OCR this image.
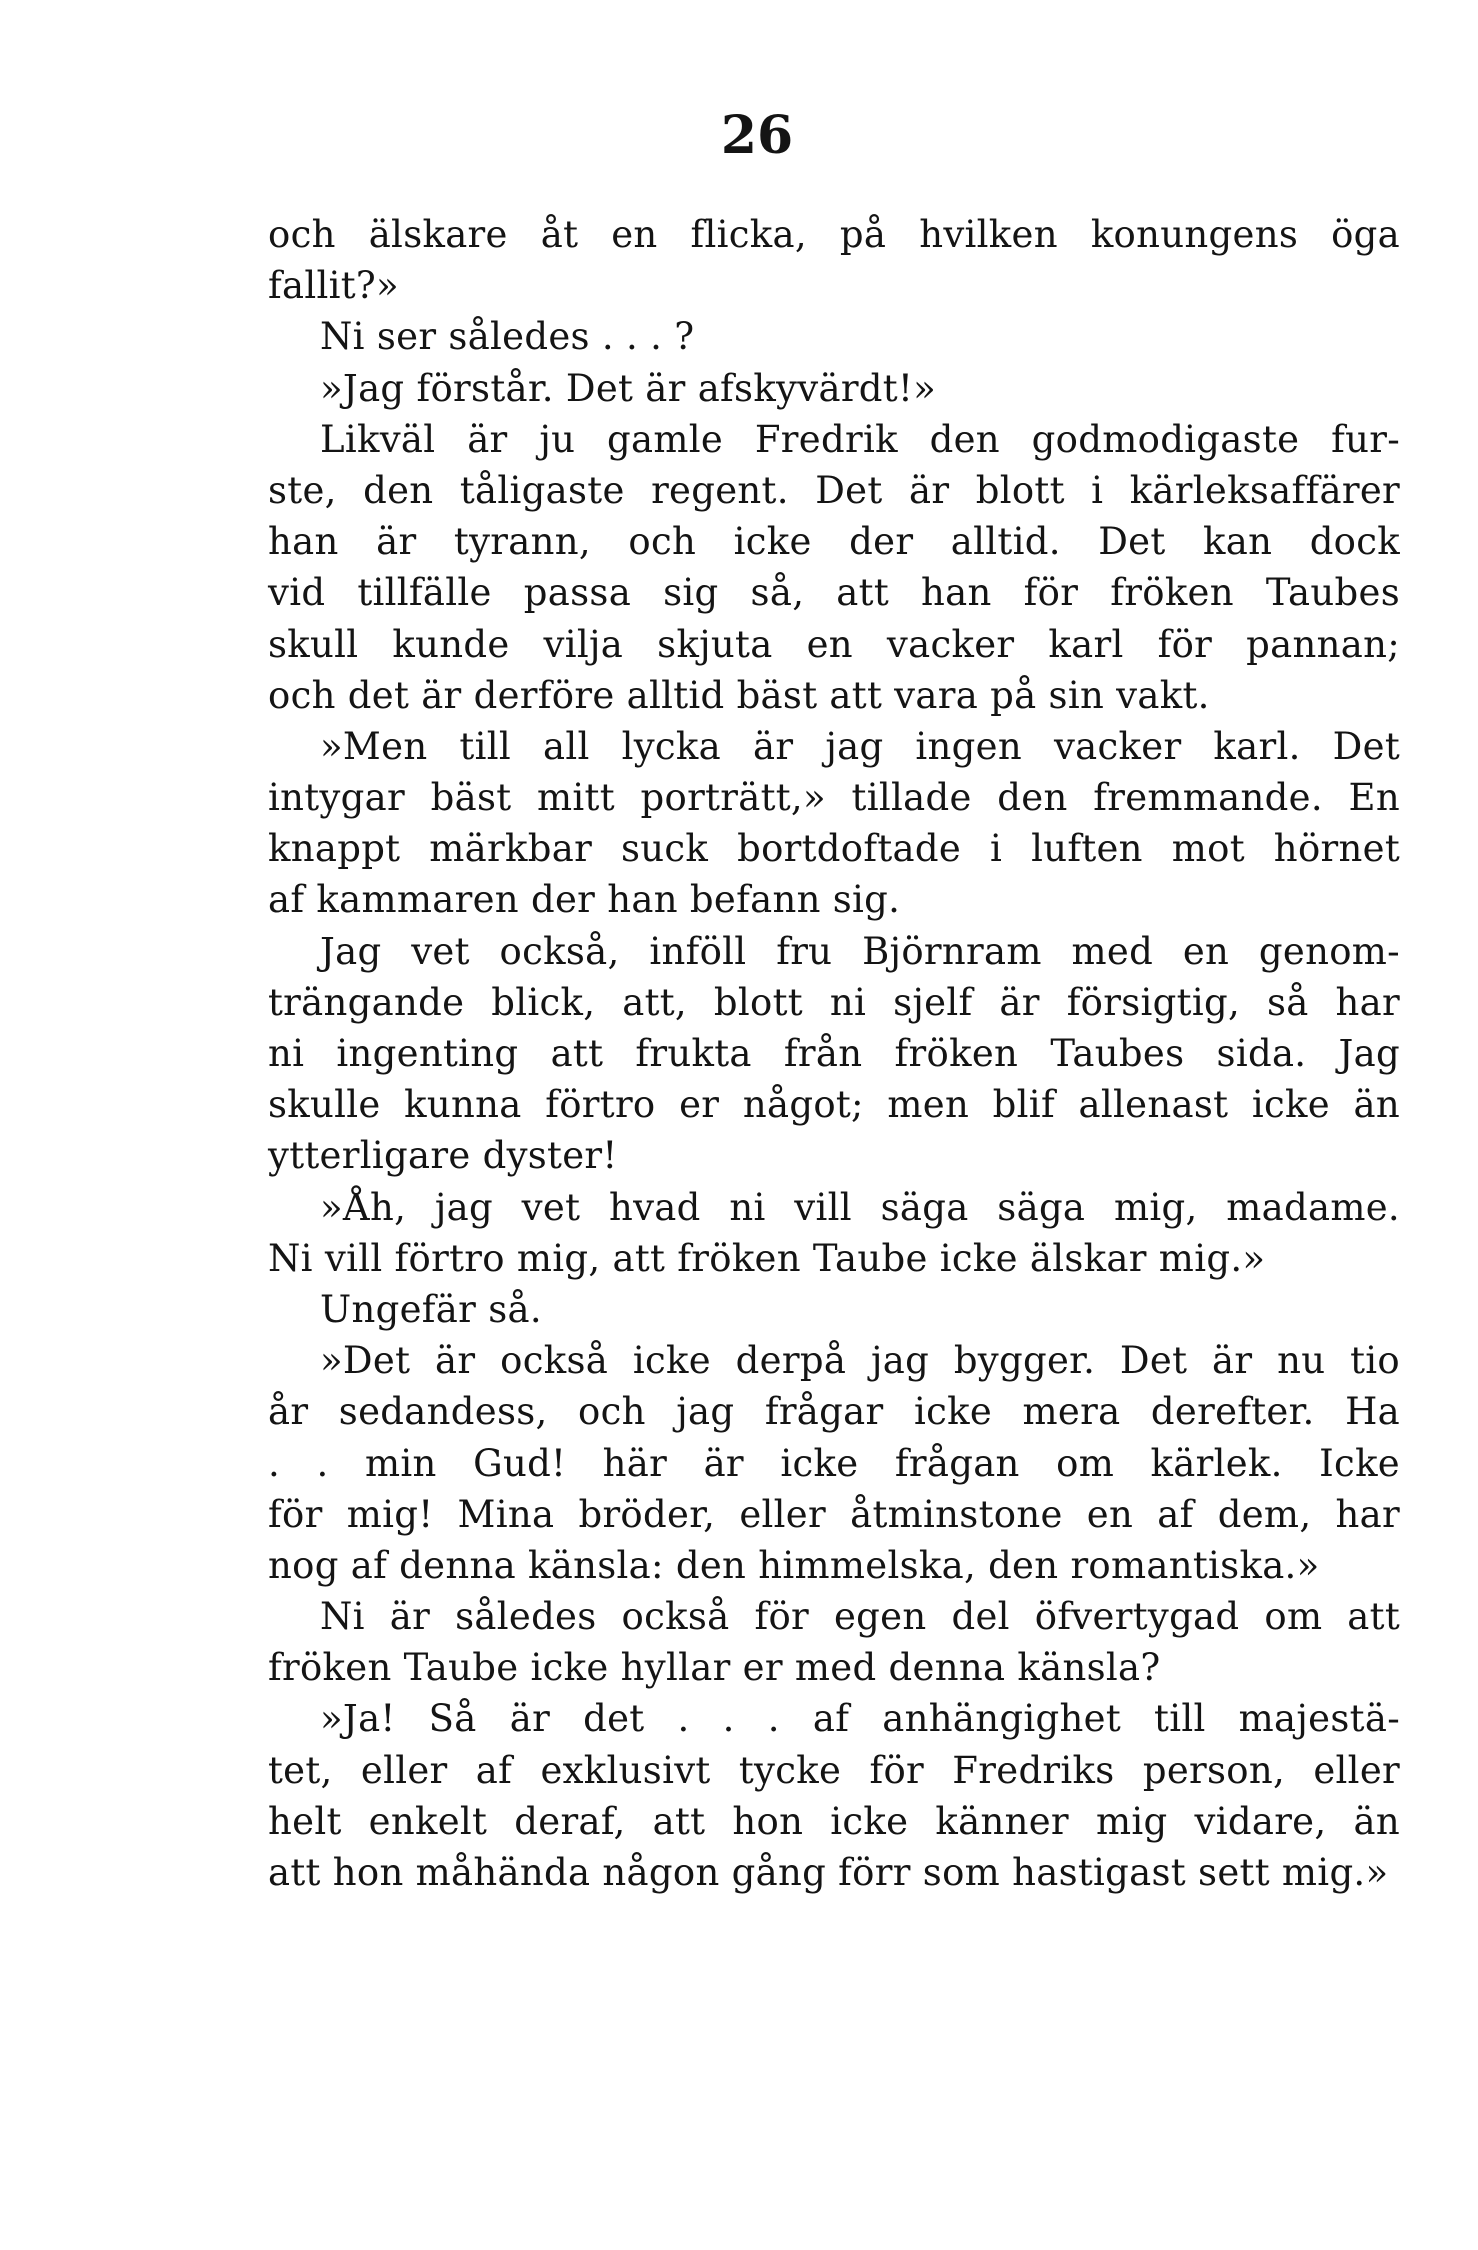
26
och älskare åt en flicka, på hvilken konungens öga
fallit?»
Ni ser således . . . ?
»Jag förstår. Det är afskyvärdt!»
Likväl är ju gamle Fredrik den godmodigaste fur-
ste, den tåligaste regent. Det är blott i kärleksaffärer
han är tyrann, och icke der alltid. Det kan dock
vid tillfälle passa sig så, att han för fröken Taubes
skull kunde vilja skjuta en vacker karl för pannan;
och det är derföre alltid bäst att vara på sin vakt.
»Men till all lycka är jag ingen vacker karl. Det
intygar bäst mitt porträtt,» tillade den fremmande. En
knappt märkbar suck bortdoftade i luften mot hörnet
af kammaren der han befann sig.
Jag vet också, inföll fru Björnram med en genom-
trängande blick, att, blott ni sjelf är försigtig, så har
ni ingenting att frukta från fröken Taubes sida. Jag
skulle kunna förtro er något; men blif allenast icke än
ytterligare dyster!
»Åh, jag vet hvad ni vill säga säga mig, madame.
Ni vill förtro mig, att fröken Taube icke älskar mig.»
Ungefär så.
»Det är också icke derpå jag bygger. Det är nu tio
år sedandess, och jag frågar icke mera derefter. Ha
. . min Gud! här är icke frågan om kärlek. Icke
för mig! Mina bröder, eller åtminstone en af dem, har
nog af denna känsla: den himmelska, den romantiska.»
Ni är således också för egen del öfvertygad om att
fröken Taube icke hyllar er med denna känsla?
»Ja! Så är det . . . af anhängighet till majestä-
tet, eller af exklusivt tycke för Fredriks person, eller
helt enkelt deraf, att hon icke känner mig vidare, än
att hon måhända någon gång förr som hastigast sett mig.»
